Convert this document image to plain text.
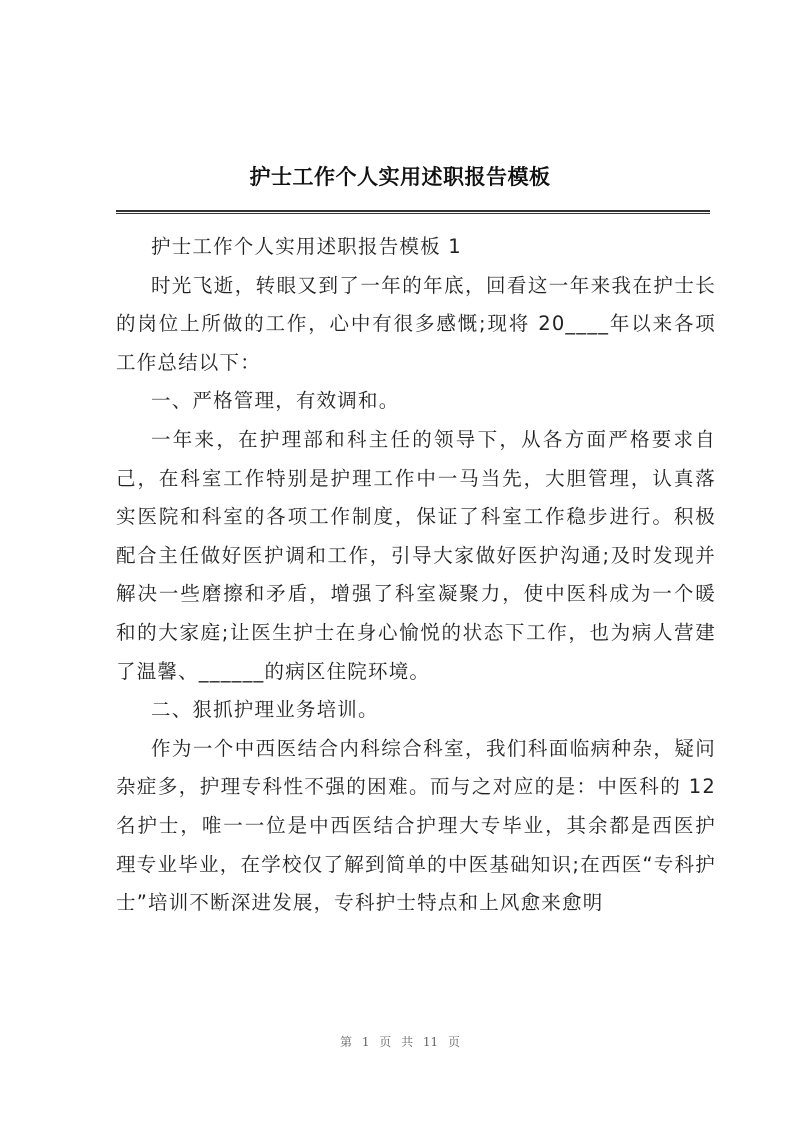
护士工作个人实用述职报告模板

护士工作个人实用述职报告模板 1

时光飞逝，转眼又到了一年的年底，回看这一年来我在护士长的岗位上所做的工作，心中有很多感慨;现将 20____年以来各项工作总结以下：

一、严格管理，有效调和。

一年来，在护理部和科主任的领导下，从各方面严格要求自己，在科室工作特别是护理工作中一马当先，大胆管理，认真落实医院和科室的各项工作制度，保证了科室工作稳步进行。积极配合主任做好医护调和工作，引导大家做好医护沟通;及时发现并解决一些磨擦和矛盾，增强了科室凝聚力，使中医科成为一个暖和的大家庭;让医生护士在身心愉悦的状态下工作，也为病人营建了温馨、______的病区住院环境。

二、狠抓护理业务培训。

作为一个中西医结合内科综合科室，我们科面临病种杂，疑问杂症多，护理专科性不强的困难。而与之对应的是：中医科的 12 名护士，唯一一位是中西医结合护理大专毕业，其余都是西医护理专业毕业，在学校仅了解到简单的中医基础知识;在西医“专科护士”培训不断深进发展，专科护士特点和上风愈来愈明

第 1 页 共 11 页
